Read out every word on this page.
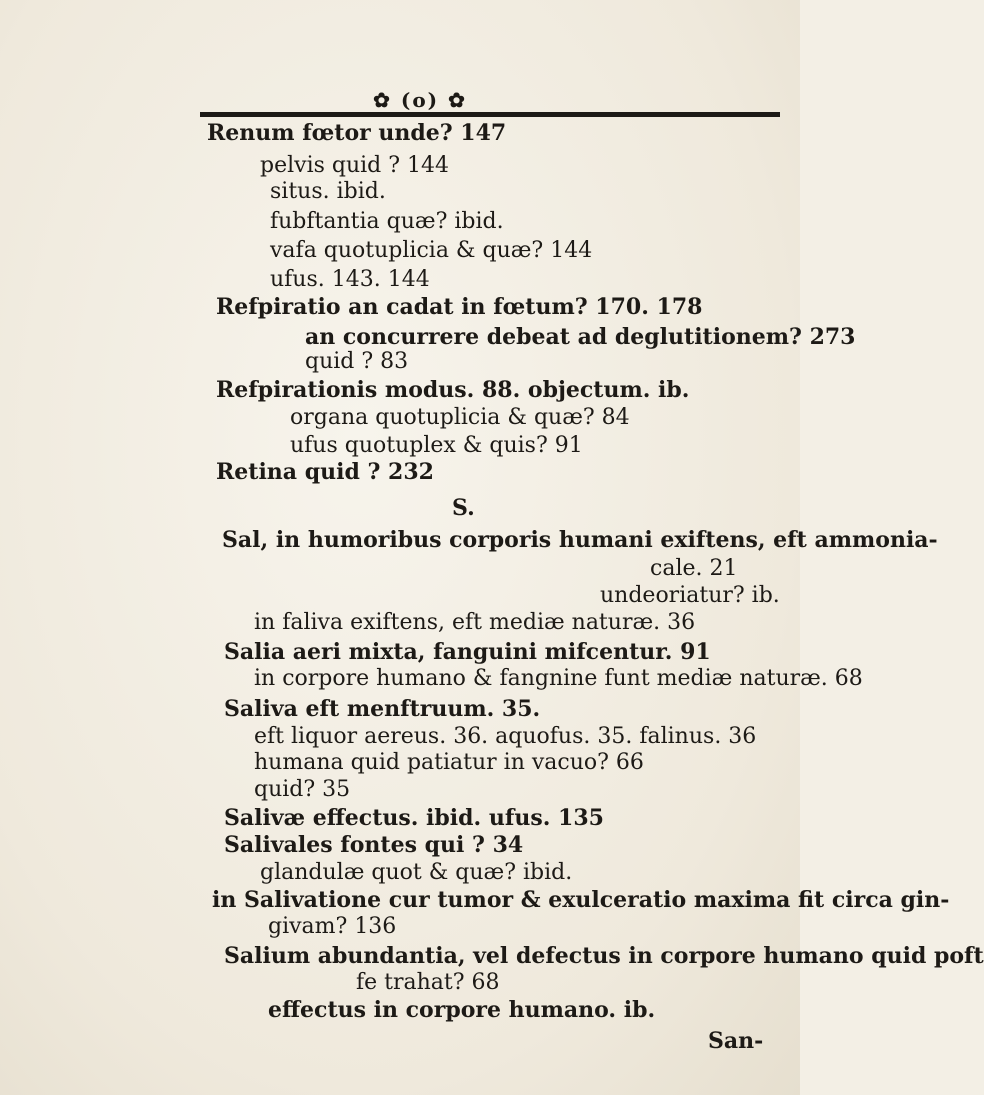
✿ (o) ✿
Renum fœtor unde? 147
pelvis quid ? 144
situs. ibid.
fubftantia quæ? ibid.
vafa quotuplicia & quæ? 144
ufus. 143. 144
Refpiratio an cadat in fœtum? 170. 178
an concurrere debeat ad deglutitionem? 273
quid ? 83
Refpirationis modus. 88. objectum. ib.
organa quotuplicia & quæ? 84
ufus quotuplex & quis? 91
Retina quid ? 232
S.
Sal, in humoribus corporis humani exiftens, eft ammonia-
cale. 21
undeoriatur? ib.
in faliva exiftens, eft mediæ naturæ. 36
Salia aeri mixta, fanguini mifcentur. 91
in corpore humano & fangnine funt mediæ naturæ. 68
Saliva eft menftruum. 35.
eft liquor aereus. 36. aquofus. 35. falinus. 36
humana quid patiatur in vacuo? 66
quid? 35
Salivæ effectus. ibid. ufus. 135
Salivales fontes qui ? 34
glandulæ quot & quæ? ibid.
in Salivatione cur tumor & exulceratio maxima fit circa gin-
givam? 136
Salium abundantia, vel defectus in corpore humano quid poft
fe trahat? 68
effectus in corpore humano. ib.
San-
